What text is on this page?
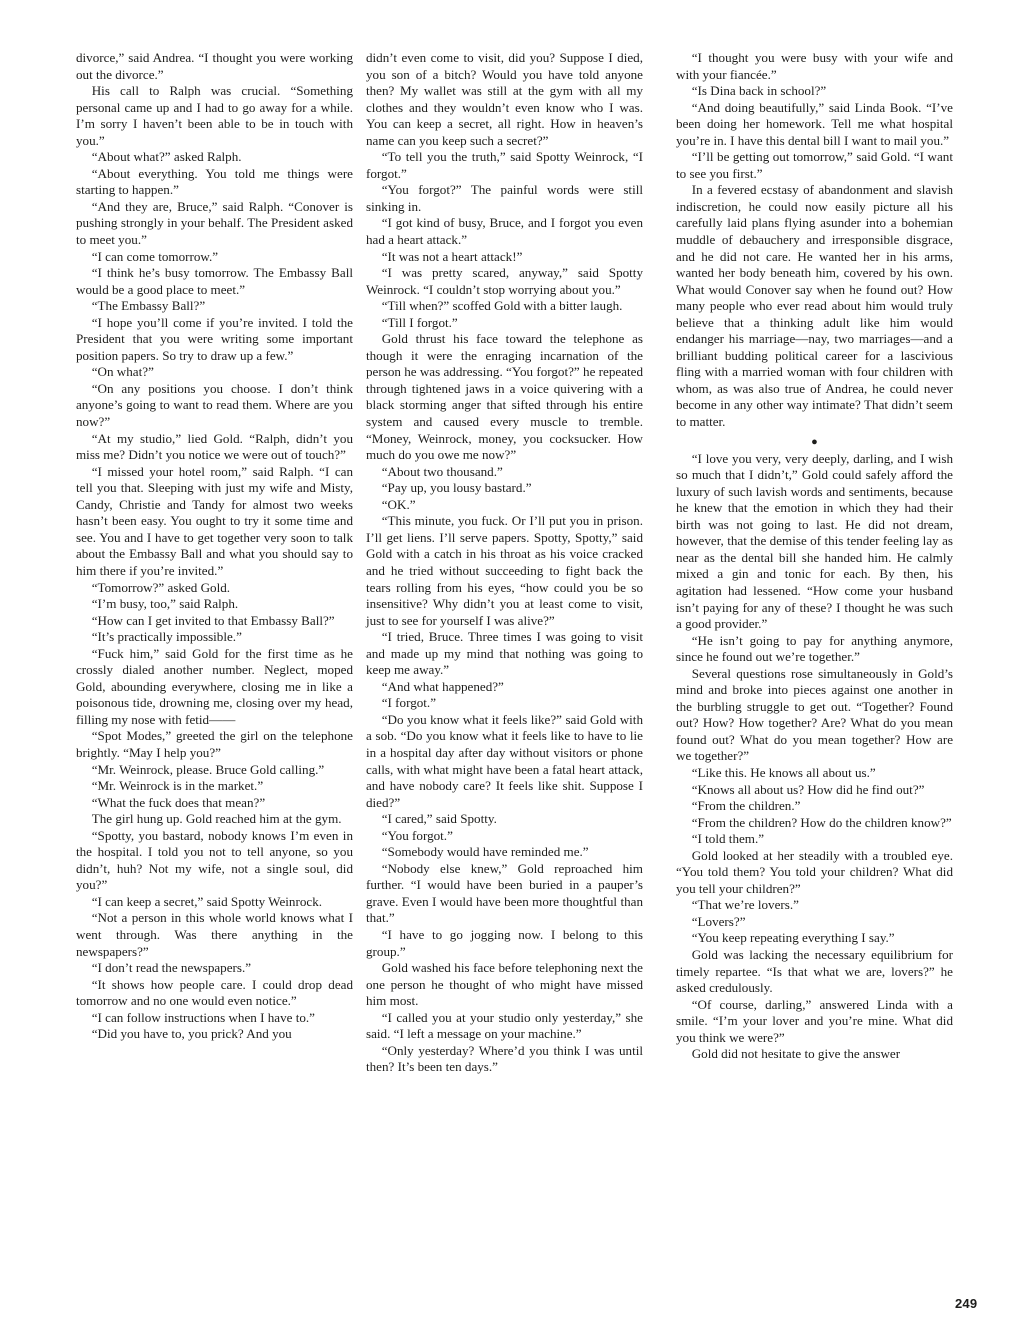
divorce,” said Andrea. “I thought you were working out the divorce.”

His call to Ralph was crucial. “Something personal came up and I had to go away for a while. I’m sorry I haven’t been able to be in touch with you.”

“About what?” asked Ralph.

“About everything. You told me things were starting to happen.”

“And they are, Bruce,” said Ralph. “Conover is pushing strongly in your behalf. The President asked to meet you.”

“I can come tomorrow.”

“I think he’s busy tomorrow. The Embassy Ball would be a good place to meet.”

“The Embassy Ball?”

“I hope you’ll come if you’re invited. I told the President that you were writing some important position papers. So try to draw up a few.”

“On what?”

“On any positions you choose. I don’t think anyone’s going to want to read them. Where are you now?”

“At my studio,” lied Gold. “Ralph, didn’t you miss me? Didn’t you notice we were out of touch?”

“I missed your hotel room,” said Ralph. “I can tell you that. Sleeping with just my wife and Misty, Candy, Christie and Tandy for almost two weeks hasn’t been easy. You ought to try it some time and see. You and I have to get together very soon to talk about the Embassy Ball and what you should say to him there if you’re invited.”

“Tomorrow?” asked Gold.

“I’m busy, too,” said Ralph.

“How can I get invited to that Embassy Ball?”

“It’s practically impossible.”

“Fuck him,” said Gold for the first time as he crossly dialed another number. Neglect, moped Gold, abounding everywhere, closing me in like a poisonous tide, drowning me, closing over my head, filling my nose with fetid——

“Spot Modes,” greeted the girl on the telephone brightly. “May I help you?”

“Mr. Weinrock, please. Bruce Gold calling.”

“Mr. Weinrock is in the market.”

“What the fuck does that mean?”

The girl hung up. Gold reached him at the gym.

“Spotty, you bastard, nobody knows I’m even in the hospital. I told you not to tell anyone, so you didn’t, huh? Not my wife, not a single soul, did you?”

“I can keep a secret,” said Spotty Weinrock.

“Not a person in this whole world knows what I went through. Was there anything in the newspapers?”

“I don’t read the newspapers.”

“It shows how people care. I could drop dead tomorrow and no one would even notice.”

“I can follow instructions when I have to.”

“Did you have to, you prick? And you

didn’t even come to visit, did you? Suppose I died, you son of a bitch? Would you have told anyone then? My wallet was still at the gym with all my clothes and they wouldn’t even know who I was. You can keep a secret, all right. How in heaven’s name can you keep such a secret?”

“To tell you the truth,” said Spotty Weinrock, “I forgot.”

“You forgot?” The painful words were still sinking in.

“I got kind of busy, Bruce, and I forgot you even had a heart attack.”

“It was not a heart attack!”

“I was pretty scared, anyway,” said Spotty Weinrock. “I couldn’t stop worrying about you.”

“Till when?” scoffed Gold with a bitter laugh.

“Till I forgot.”

Gold thrust his face toward the telephone as though it were the enraging incarnation of the person he was addressing. “You forgot?” he repeated through tightened jaws in a voice quivering with a black storming anger that sifted through his entire system and caused every muscle to tremble. “Money, Weinrock, money, you cocksucker. How much do you owe me now?”

“About two thousand.”

“Pay up, you lousy bastard.”

“OK.”

“This minute, you fuck. Or I’ll put you in prison. I’ll get liens. I’ll serve papers. Spotty, Spotty,” said Gold with a catch in his throat as his voice cracked and he tried without succeeding to fight back the tears rolling from his eyes, “how could you be so insensitive? Why didn’t you at least come to visit, just to see for yourself I was alive?”

“I tried, Bruce. Three times I was going to visit and made up my mind that nothing was going to keep me away.”

“And what happened?”

“I forgot.”

“Do you know what it feels like?” said Gold with a sob. “Do you know what it feels like to have to lie in a hospital day after day without visitors or phone calls, with what might have been a fatal heart attack, and have nobody care? It feels like shit. Suppose I died?”

“I cared,” said Spotty.

“You forgot.”

“Somebody would have reminded me.”

“Nobody else knew,” Gold reproached him further. “I would have been buried in a pauper’s grave. Even I would have been more thoughtful than that.”

“I have to go jogging now. I belong to this group.”

Gold washed his face before telephoning next the one person he thought of who might have missed him most.

“I called you at your studio only yesterday,” she said. “I left a message on your machine.”

“Only yesterday? Where’d you think I was until then? It’s been ten days.”

“I thought you were busy with your wife and with your fiancée.”

“Is Dina back in school?”

“And doing beautifully,” said Linda Book. “I’ve been doing her homework. Tell me what hospital you’re in. I have this dental bill I want to mail you.”

“I’ll be getting out tomorrow,” said Gold. “I want to see you first.”

In a fevered ecstasy of abandonment and slavish indiscretion, he could now easily picture all his carefully laid plans flying asunder into a bohemian muddle of debauchery and irresponsible disgrace, and he did not care. He wanted her in his arms, wanted her body beneath him, covered by his own. What would Conover say when he found out? How many people who ever read about him would truly believe that a thinking adult like him would endanger his marriage—nay, two marriages—and a brilliant budding political career for a lascivious fling with a married woman with four children with whom, as was also true of Andrea, he could never become in any other way intimate? That didn’t seem to matter.

●

“I love you very, very deeply, darling, and I wish so much that I didn’t,” Gold could safely afford the luxury of such lavish words and sentiments, because he knew that the emotion in which they had their birth was not going to last. He did not dream, however, that the demise of this tender feeling lay as near as the dental bill she handed him. He calmly mixed a gin and tonic for each. By then, his agitation had lessened. “How come your husband isn’t paying for any of these? I thought he was such a good provider.”

“He isn’t going to pay for anything anymore, since he found out we’re together.”

Several questions rose simultaneously in Gold’s mind and broke into pieces against one another in the burbling struggle to get out. “Together? Found out? How? How together? Are? What do you mean found out? What do you mean together? How are we together?”

“Like this. He knows all about us.”

“Knows all about us? How did he find out?”

“From the children.”

“From the children? How do the children know?”

“I told them.”

Gold looked at her steadily with a troubled eye. “You told them? You told your children? What did you tell your children?”

“That we’re lovers.”

“Lovers?”

“You keep repeating everything I say.”

Gold was lacking the necessary equilibrium for timely repartee. “Is that what we are, lovers?” he asked credulously.

“Of course, darling,” answered Linda with a smile. “I’m your lover and you’re mine. What did you think we were?”

Gold did not hesitate to give the answer

249
